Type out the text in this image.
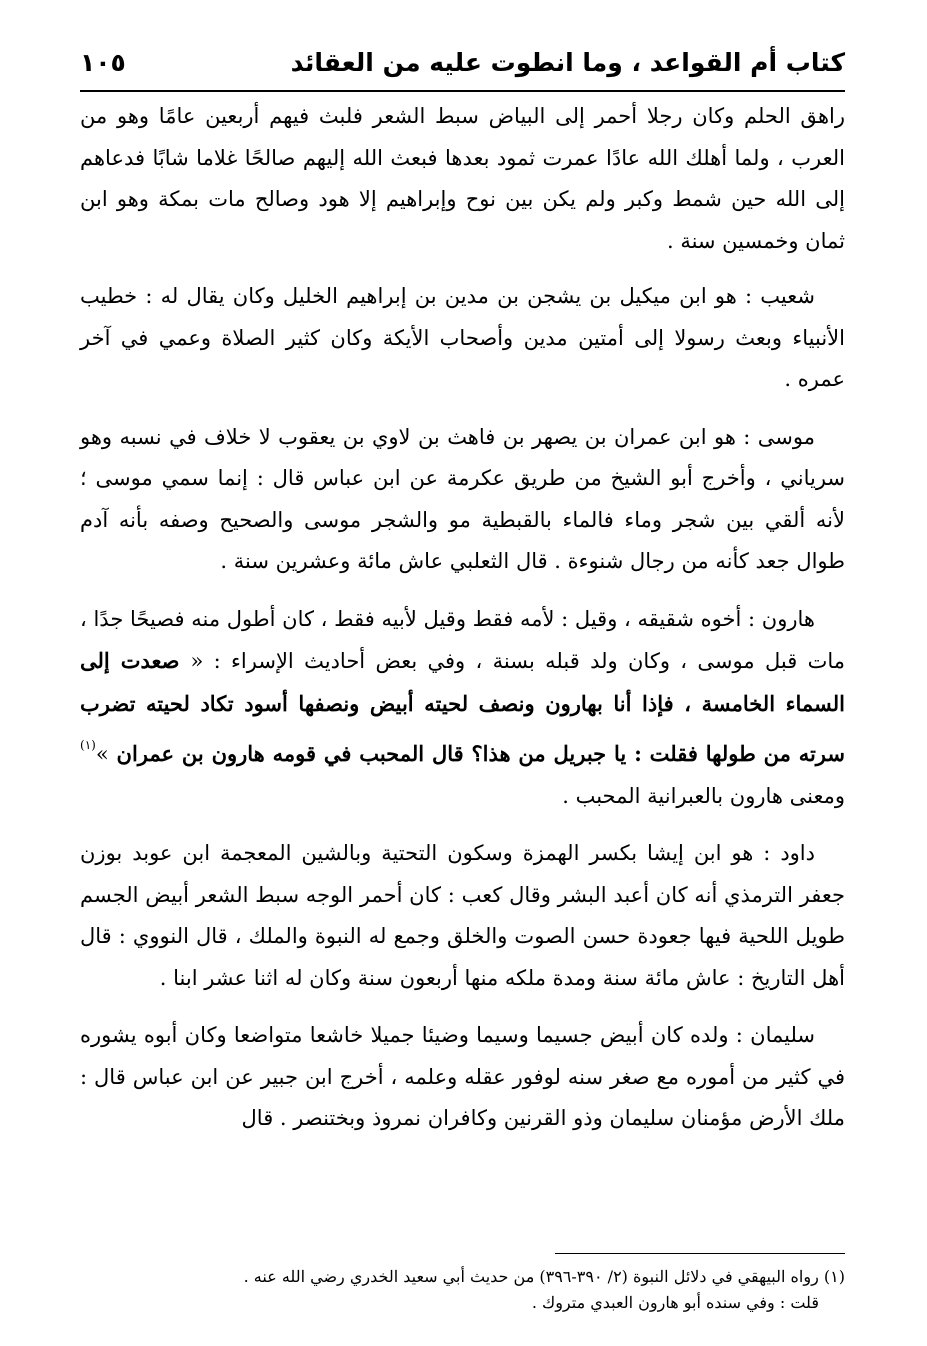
كتاب أم القواعد ، وما انطوت عليه من العقائد
١٠٥

راهق الحلم وكان رجلا أحمر إلى البياض سبط الشعر فلبث فيهم أربعين عامًا وهو من العرب ، ولما أهلك الله عادًا عمرت ثمود بعدها فبعث الله إليهم صالحًا غلاما شابًا فدعاهم إلى الله حين شمط وكبر ولم يكن بين نوح وإبراهيم إلا هود وصالح مات بمكة وهو ابن ثمان وخمسين سنة .

شعيب : هو ابن ميكيل بن يشجن بن مدين بن إبراهيم الخليل وكان يقال له : خطيب الأنبياء وبعث رسولا إلى أمتين مدين وأصحاب الأيكة وكان كثير الصلاة وعمي في آخر عمره .

موسى : هو ابن عمران بن يصهر بن فاهث بن لاوي بن يعقوب لا خلاف في نسبه وهو سرياني ، وأخرج أبو الشيخ من طريق عكرمة عن ابن عباس قال : إنما سمي موسى ؛ لأنه ألقي بين شجر وماء فالماء بالقبطية مو والشجر موسى والصحيح وصفه بأنه آدم طوال جعد كأنه من رجال شنوءة . قال الثعلبي عاش مائة وعشرين سنة .

هارون : أخوه شقيقه ، وقيل : لأمه فقط وقيل لأبيه فقط ، كان أطول منه فصيحًا جدًا ، مات قبل موسى ، وكان ولد قبله بسنة ، وفي بعض أحاديث الإسراء : « صعدت إلى السماء الخامسة ، فإذا أنا بهارون ونصف لحيته أبيض ونصفها أسود تكاد لحيته تضرب سرته من طولها فقلت : يا جبريل من هذا؟ قال المحبب في قومه هارون بن عمران »$^{(١)}$ ومعنى هارون بالعبرانية المحبب .

داود : هو ابن إيشا بكسر الهمزة وسكون التحتية وبالشين المعجمة ابن عوبد بوزن جعفر الترمذي أنه كان أعبد البشر وقال كعب : كان أحمر الوجه سبط الشعر أبيض الجسم طويل اللحية فيها جعودة حسن الصوت والخلق وجمع له النبوة والملك ، قال النووي : قال أهل التاريخ : عاش مائة سنة ومدة ملكه منها أربعون سنة وكان له اثنا عشر ابنا .

سليمان : ولده كان أبيض جسيما وسيما وضيئا جميلا خاشعا متواضعا وكان أبوه يشوره في كثير من أموره مع صغر سنه لوفور عقله وعلمه ، أخرج ابن جبير عن ابن عباس قال : ملك الأرض مؤمنان سليمان وذو القرنين وكافران نمروذ وبختنصر . قال

(١) رواه البيهقي في دلائل النبوة (٢/ ٣٩٠-٣٩٦) من حديث أبي سعيد الخدري رضي الله عنه .
قلت : وفي سنده أبو هارون العبدي متروك .
